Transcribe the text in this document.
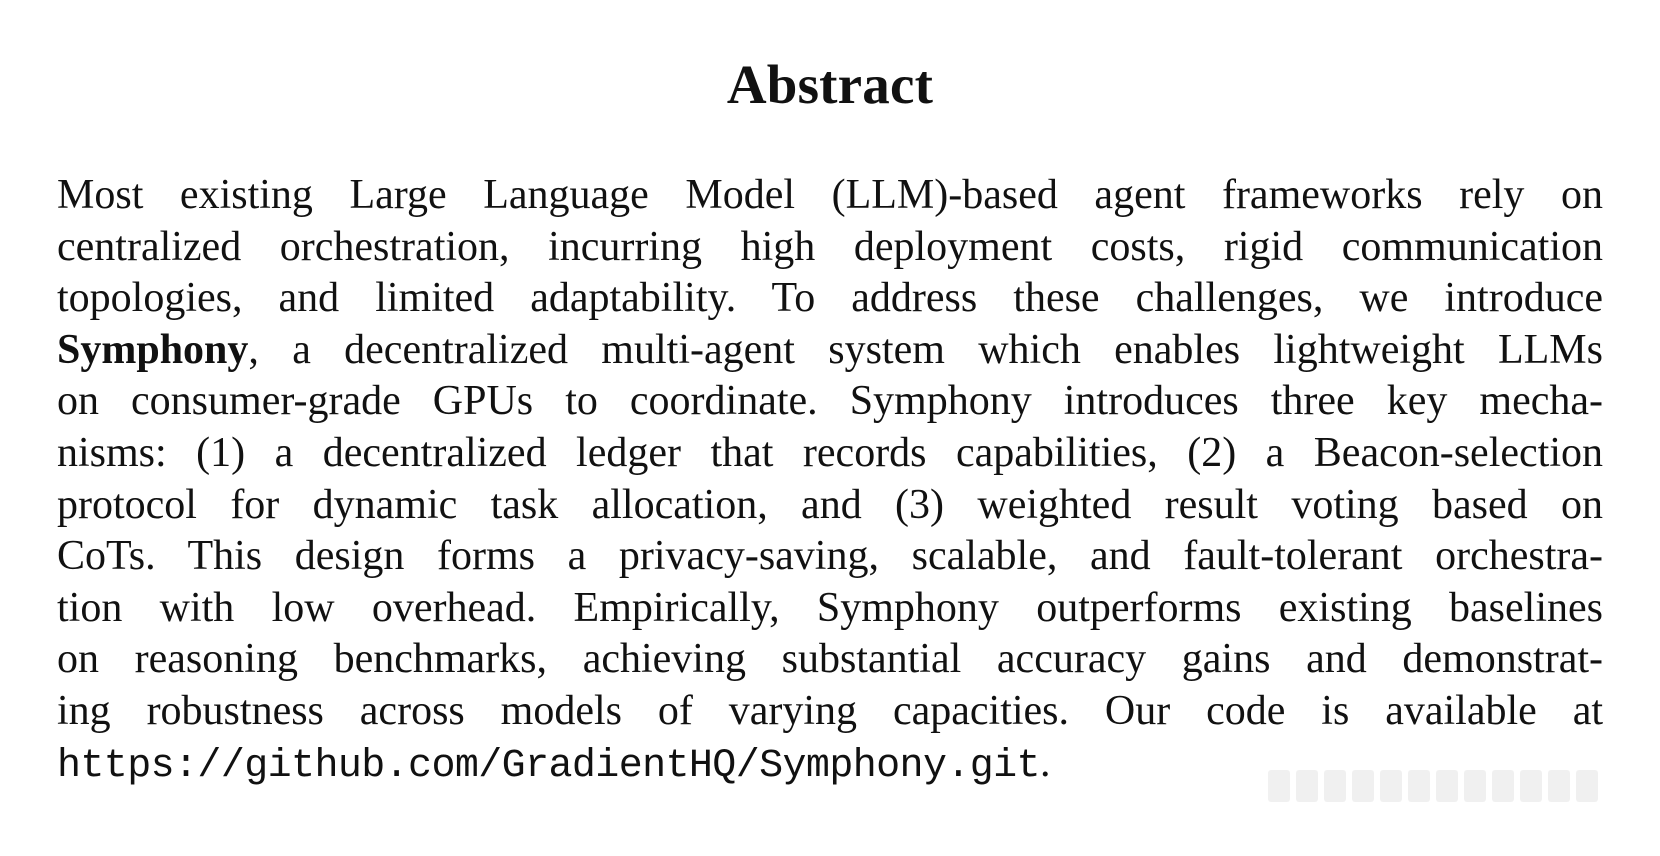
Abstract
Most existing Large Language Model (LLM)-based agent frameworks rely on
centralized orchestration, incurring high deployment costs, rigid communication
topologies, and limited adaptability. To address these challenges, we introduce
Symphony, a decentralized multi-agent system which enables lightweight LLMs
on consumer-grade GPUs to coordinate. Symphony introduces three key mecha-
nisms: (1) a decentralized ledger that records capabilities, (2) a Beacon-selection
protocol for dynamic task allocation, and (3) weighted result voting based on
CoTs. This design forms a privacy-saving, scalable, and fault-tolerant orchestra-
tion with low overhead. Empirically, Symphony outperforms existing baselines
on reasoning benchmarks, achieving substantial accuracy gains and demonstrat-
ing robustness across models of varying capacities. Our code is available at
https://github.com/GradientHQ/Symphony.git.
